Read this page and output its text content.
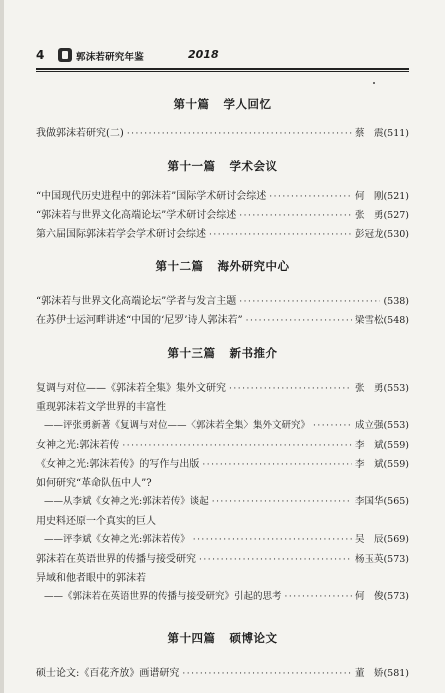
4	郭沫若研究年鉴	2018
第十篇 学人回忆
我做郭沫若研究(二) ·····	蔡　震(511)
第十一篇 学术会议
“中国现代历史进程中的郭沫若”国际学术研讨会综述 ·····	何　刚(521)
“郭沫若与世界文化高端论坛”学术研讨会综述 ·····	张　勇(527)
第六届国际郭沫若学会学术研讨会综述 ·····	彭冠龙(530)
第十二篇 海外研究中心
“郭沫若与世界文化高端论坛”学者与发言主题 ·····	(538)
在苏伊士运河畔讲述“中国的‘尼罗’诗人郭沫若” ·····	梁雪松(548)
第十三篇 新书推介
复调与对位——《郭沫若全集》集外文研究 ·····	张　勇(553)
重现郭沫若文学世界的丰富性
——评张勇新著《复调与对位——〈郭沫若全集〉集外文研究》 ·····	成立强(553)
女神之光:郭沫若传 ·····	李　斌(559)
《女神之光:郭沫若传》的写作与出版 ·····	李　斌(559)
如何研究“革命队伍中人”?
——从李斌《女神之光:郭沫若传》谈起 ·····	李国华(565)
用史料还原一个真实的巨人
——评李斌《女神之光:郭沫若传》 ·····	吴　辰(569)
郭沫若在英语世界的传播与接受研究 ·····	杨玉英(573)
异域和他者眼中的郭沫若
——《郭沫若在英语世界的传播与接受研究》引起的思考 ·····	何　俊(573)
第十四篇 硕博论文
硕士论文:《百花齐放》画谱研究 ·····	董　娇(581)
